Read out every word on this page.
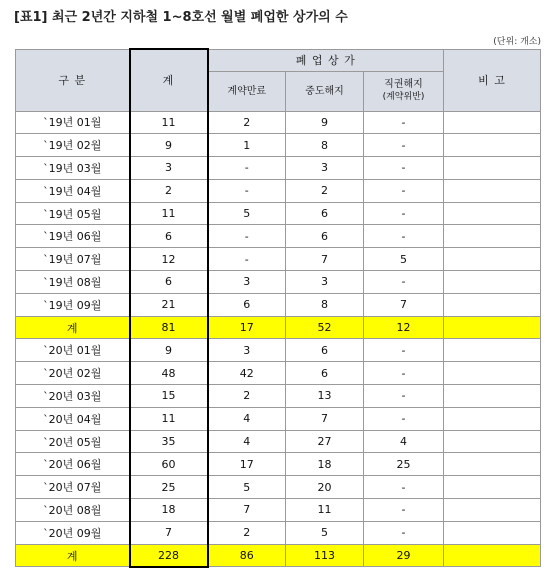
[표1] 최근 2년간 지하철 1~8호선 월별 폐업한 상가의 수
(단위: 개소)
구 분	계	폐 업 상 가			비 고
		계약만료	중도해지	직권해지
(계약위반)	

`19년 01월	11	2	9	-	
`19년 02월	9	1	8	-	
`19년 03월	3	-	3	-	
`19년 04월	2	-	2	-	
`19년 05월	11	5	6	-	
`19년 06월	6	-	6	-	
`19년 07월	12	-	7	5	
`19년 08월	6	3	3	-	
`19년 09월	21	6	8	7	
계	81	17	52	12	
`20년 01월	9	3	6	-	
`20년 02월	48	42	6	-	
`20년 03월	15	2	13	-	
`20년 04월	11	4	7	-	
`20년 05월	35	4	27	4	
`20년 06월	60	17	18	25	
`20년 07월	25	5	20	-	
`20년 08월	18	7	11	-	
`20년 09월	7	2	5	-	
계	228	86	113	29	
